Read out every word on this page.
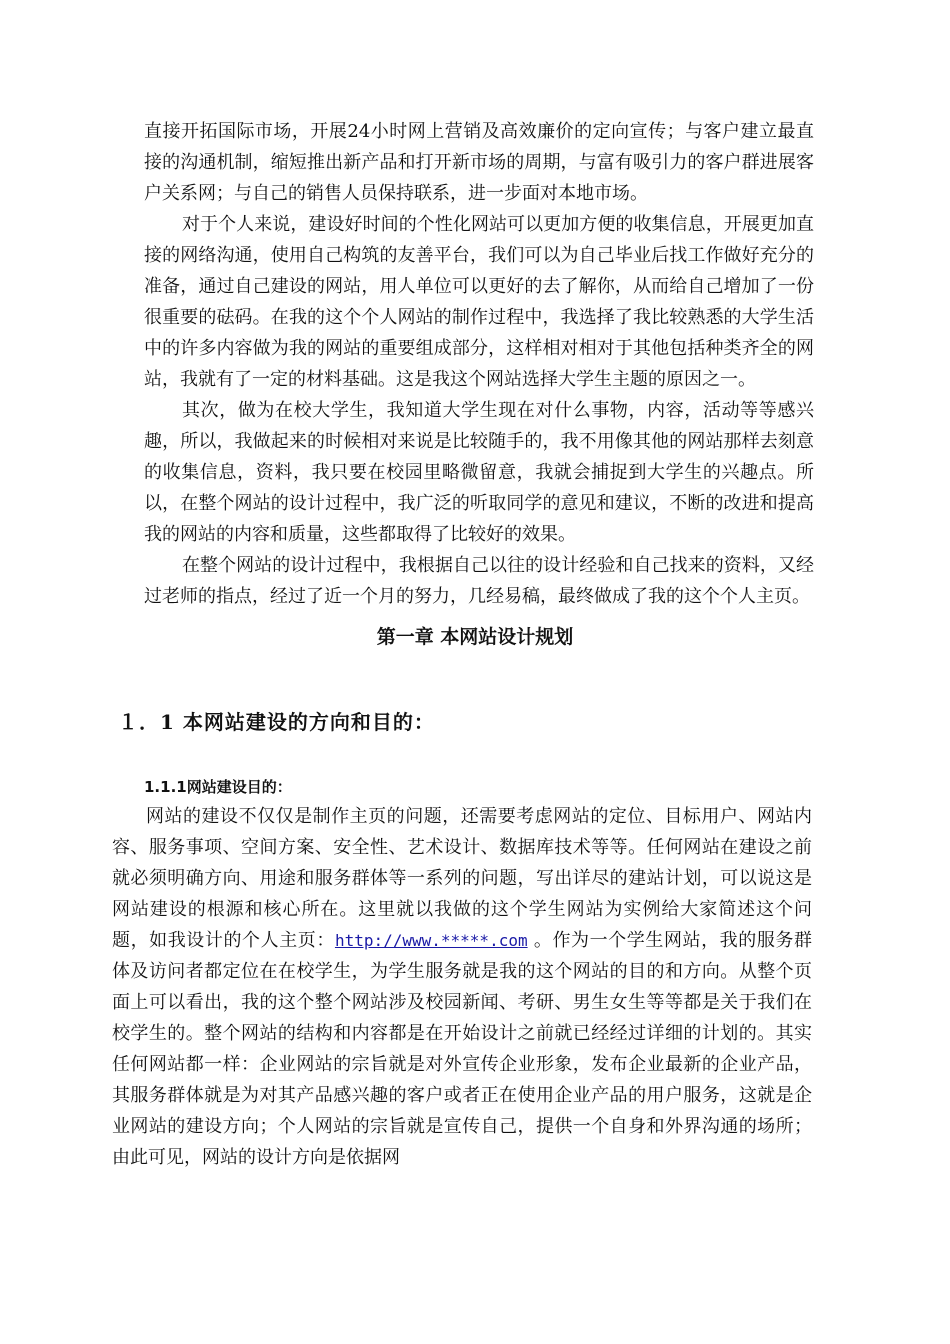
直接开拓国际市场，开展24小时网上营销及高效廉价的定向宣传；与客户建立最直接的沟通机制，缩短推出新产品和打开新市场的周期，与富有吸引力的客户群进展客户关系网；与自己的销售人员保持联系，进一步面对本地市场。

对于个人来说，建设好时间的个性化网站可以更加方便的收集信息，开展更加直接的网络沟通，使用自己构筑的友善平台，我们可以为自己毕业后找工作做好充分的准备，通过自己建设的网站，用人单位可以更好的去了解你，从而给自己增加了一份很重要的砝码。在我的这个个人网站的制作过程中，我选择了我比较熟悉的大学生活中的许多内容做为我的网站的重要组成部分，这样相对相对于其他包括种类齐全的网站，我就有了一定的材料基础。这是我这个网站选择大学生主题的原因之一。

其次，做为在校大学生，我知道大学生现在对什么事物，内容，活动等等感兴趣，所以，我做起来的时候相对来说是比较随手的，我不用像其他的网站那样去刻意的收集信息，资料，我只要在校园里略微留意，我就会捕捉到大学生的兴趣点。所以，在整个网站的设计过程中，我广泛的听取同学的意见和建议，不断的改进和提高我的网站的内容和质量，这些都取得了比较好的效果。

在整个网站的设计过程中，我根据自己以往的设计经验和自己找来的资料，又经过老师的指点，经过了近一个月的努力，几经易稿，最终做成了我的这个个人主页。

第一章 本网站设计规划
１．1 本网站建设的方向和目的：
1.1.1网站建设目的：

网站的建设不仅仅是制作主页的问题，还需要考虑网站的定位、目标用户、网站内容、服务事项、空间方案、安全性、艺术设计、数据库技术等等。任何网站在建设之前就必须明确方向、用途和服务群体等一系列的问题，写出详尽的建站计划，可以说这是网站建设的根源和核心所在。这里就以我做的这个学生网站为实例给大家简述这个问题，如我设计的个人主页：http://www.*****.com 。作为一个学生网站，我的服务群体及访问者都定位在在校学生，为学生服务就是我的这个网站的目的和方向。从整个页面上可以看出，我的这个整个网站涉及校园新闻、考研、男生女生等等都是关于我们在校学生的。整个网站的结构和内容都是在开始设计之前就已经经过详细的计划的。其实任何网站都一样：企业网站的宗旨就是对外宣传企业形象，发布企业最新的企业产品，其服务群体就是为对其产品感兴趣的客户或者正在使用企业产品的用户服务，这就是企业网站的建设方向；个人网站的宗旨就是宣传自己，提供一个自身和外界沟通的场所；由此可见，网站的设计方向是依据网
